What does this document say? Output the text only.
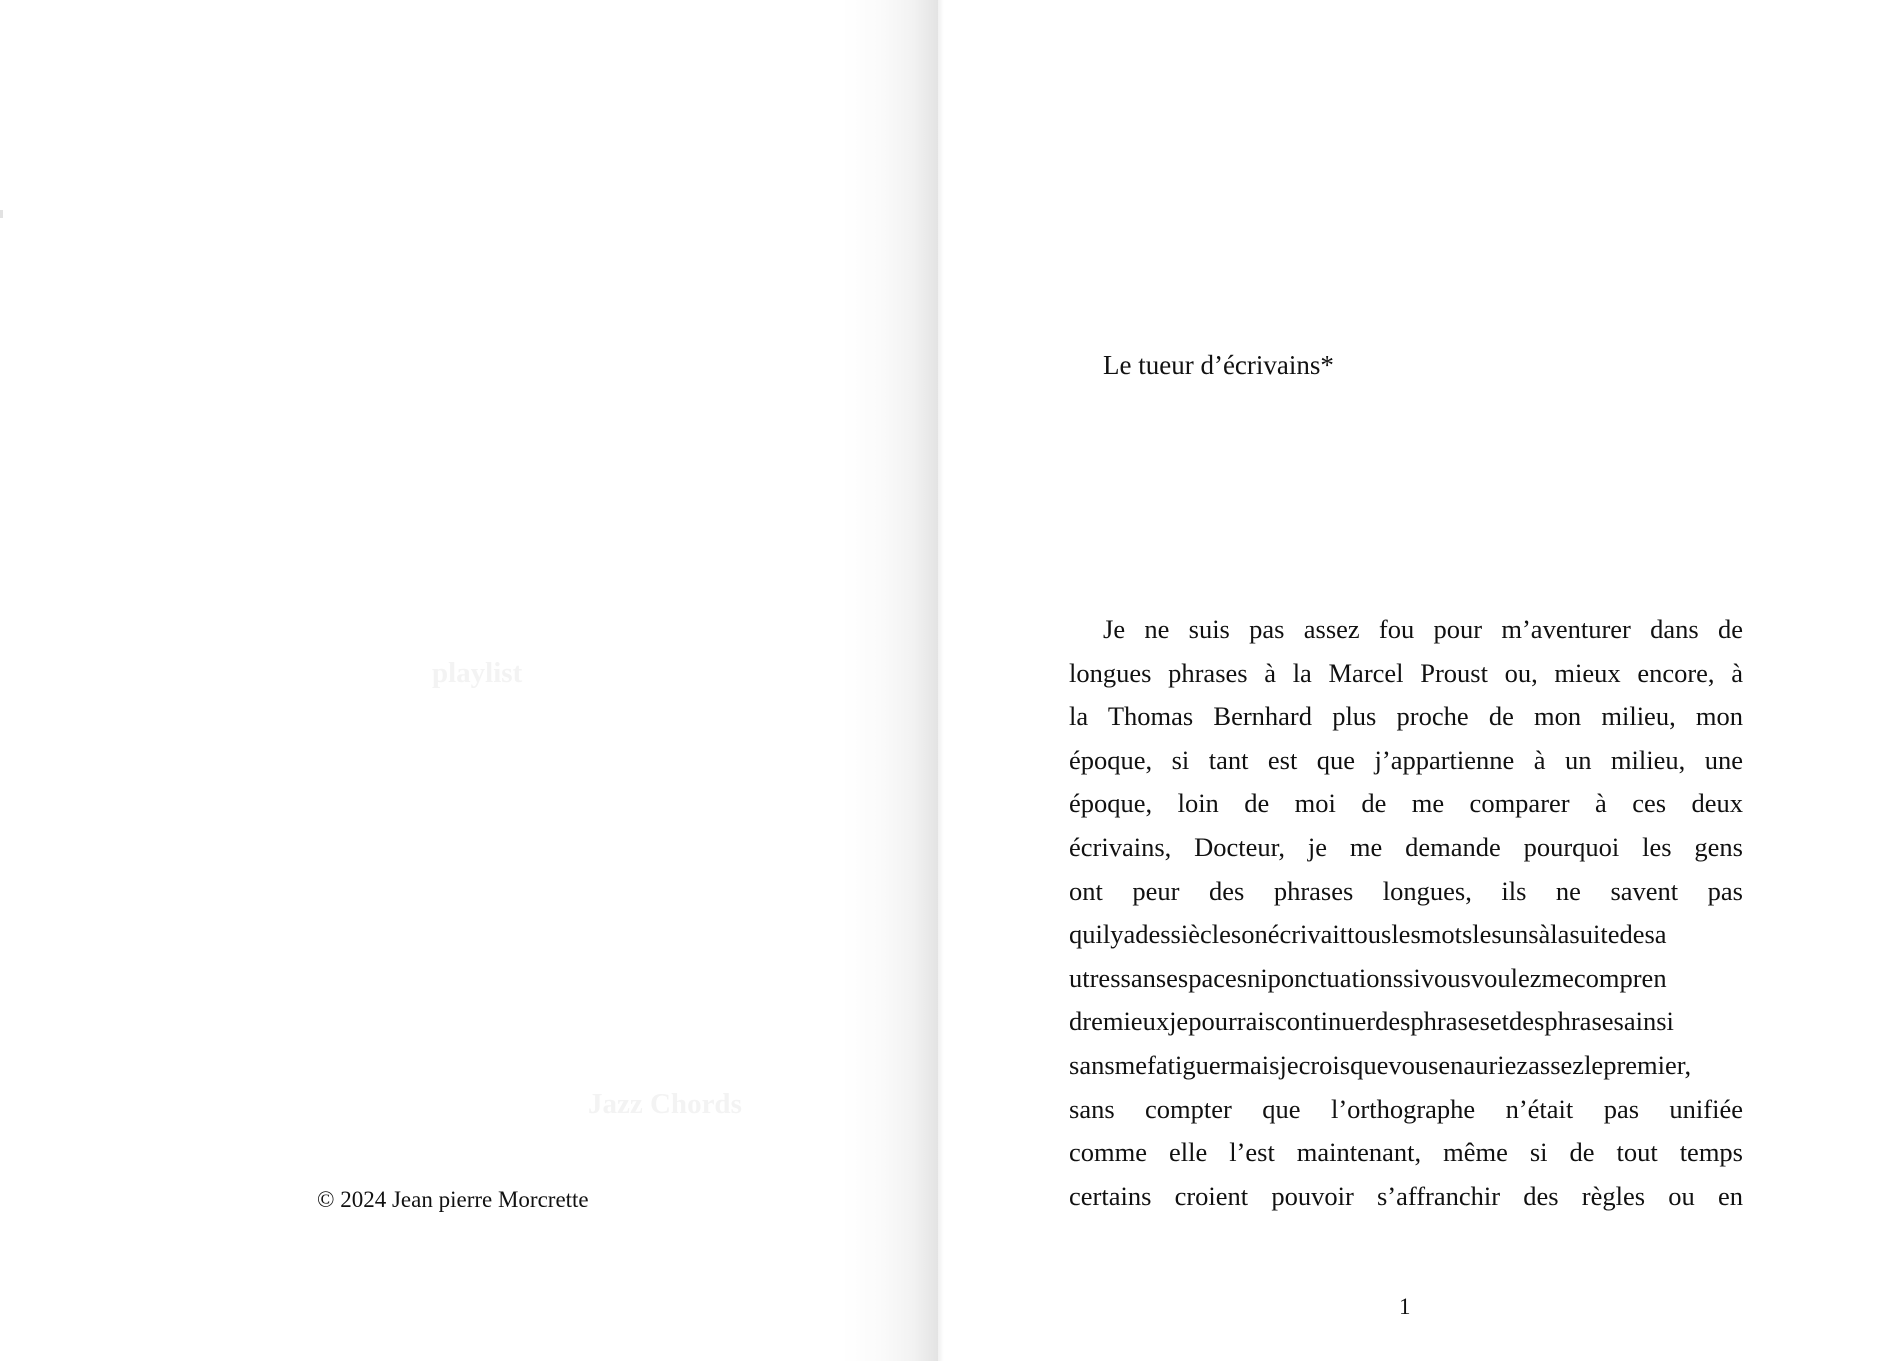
playlist
Jazz Chords
© 2024 Jean pierre Morcrette
Le tueur d’écrivains*

Je ne suis pas assez fou pour m’aventurer dans de
longues phrases à la Marcel Proust ou, mieux encore, à
la Thomas Bernhard plus proche de mon milieu, mon
époque, si tant est que j’appartienne à un milieu, une
époque, loin de moi de me comparer à ces deux
écrivains, Docteur, je me demande pourquoi les gens
ont peur des phrases longues, ils ne savent pas
quilyadessièclesonécrivaittouslesmotslesunsàlasuitedesa
utressansespacesniponctuationssivousvoulezmecompren
dremieuxjepourraiscontinuerdesphrasesetdesphrasesainsi
sansmefatiguermaisjecroisquevousenauriezassezlepremier,
sans compter que l’orthographe n’était pas unifiée
comme elle l’est maintenant, même si de tout temps
certains croient pouvoir s’affranchir des règles ou en

1
